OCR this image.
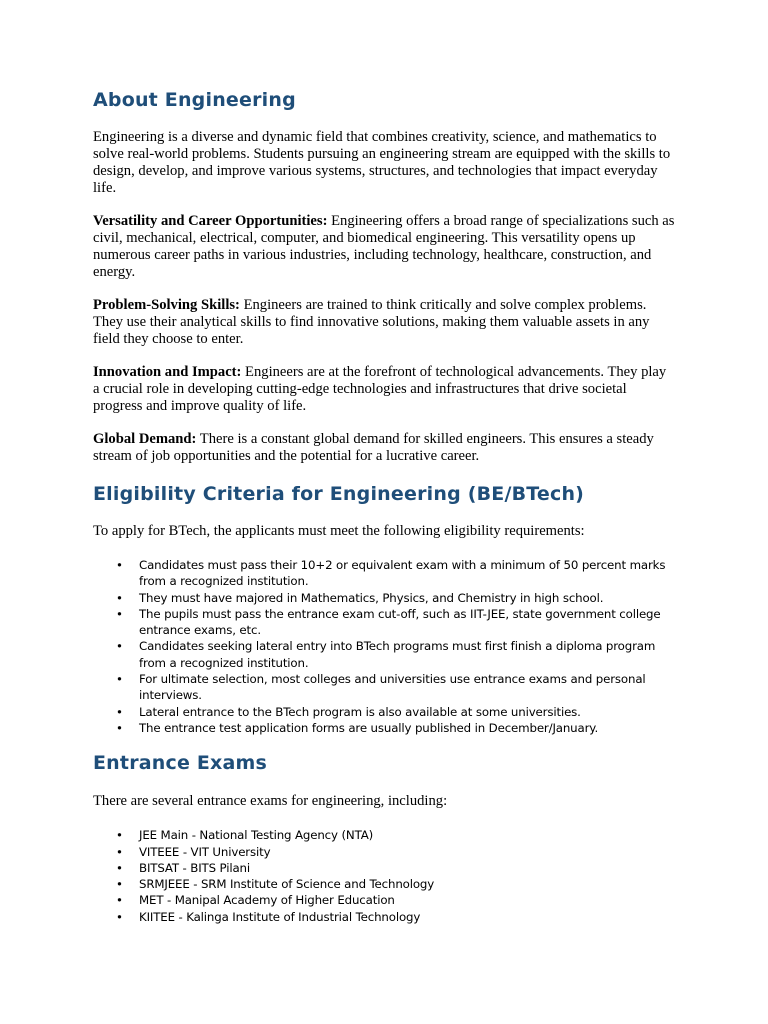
About Engineering

Engineering is a diverse and dynamic field that combines creativity, science, and mathematics to solve real-world problems. Students pursuing an engineering stream are equipped with the skills to design, develop, and improve various systems, structures, and technologies that impact everyday life.

Versatility and Career Opportunities: Engineering offers a broad range of specializations such as civil, mechanical, electrical, computer, and biomedical engineering. This versatility opens up numerous career paths in various industries, including technology, healthcare, construction, and energy.

Problem-Solving Skills: Engineers are trained to think critically and solve complex problems. They use their analytical skills to find innovative solutions, making them valuable assets in any field they choose to enter.

Innovation and Impact: Engineers are at the forefront of technological advancements. They play a crucial role in developing cutting-edge technologies and infrastructures that drive societal progress and improve quality of life.

Global Demand: There is a constant global demand for skilled engineers. This ensures a steady stream of job opportunities and the potential for a lucrative career.

Eligibility Criteria for Engineering (BE/BTech)

To apply for BTech, the applicants must meet the following eligibility requirements:

• Candidates must pass their 10+2 or equivalent exam with a minimum of 50 percent marks from a recognized institution.
• They must have majored in Mathematics, Physics, and Chemistry in high school.
• The pupils must pass the entrance exam cut-off, such as IIT-JEE, state government college entrance exams, etc.
• Candidates seeking lateral entry into BTech programs must first finish a diploma program from a recognized institution.
• For ultimate selection, most colleges and universities use entrance exams and personal interviews.
• Lateral entrance to the BTech program is also available at some universities.
• The entrance test application forms are usually published in December/January.
Entrance Exams

There are several entrance exams for engineering, including:

• JEE Main - National Testing Agency (NTA)
• VITEEE - VIT University
• BITSAT - BITS Pilani
• SRMJEEE - SRM Institute of Science and Technology
• MET - Manipal Academy of Higher Education
• KIITEE - Kalinga Institute of Industrial Technology
